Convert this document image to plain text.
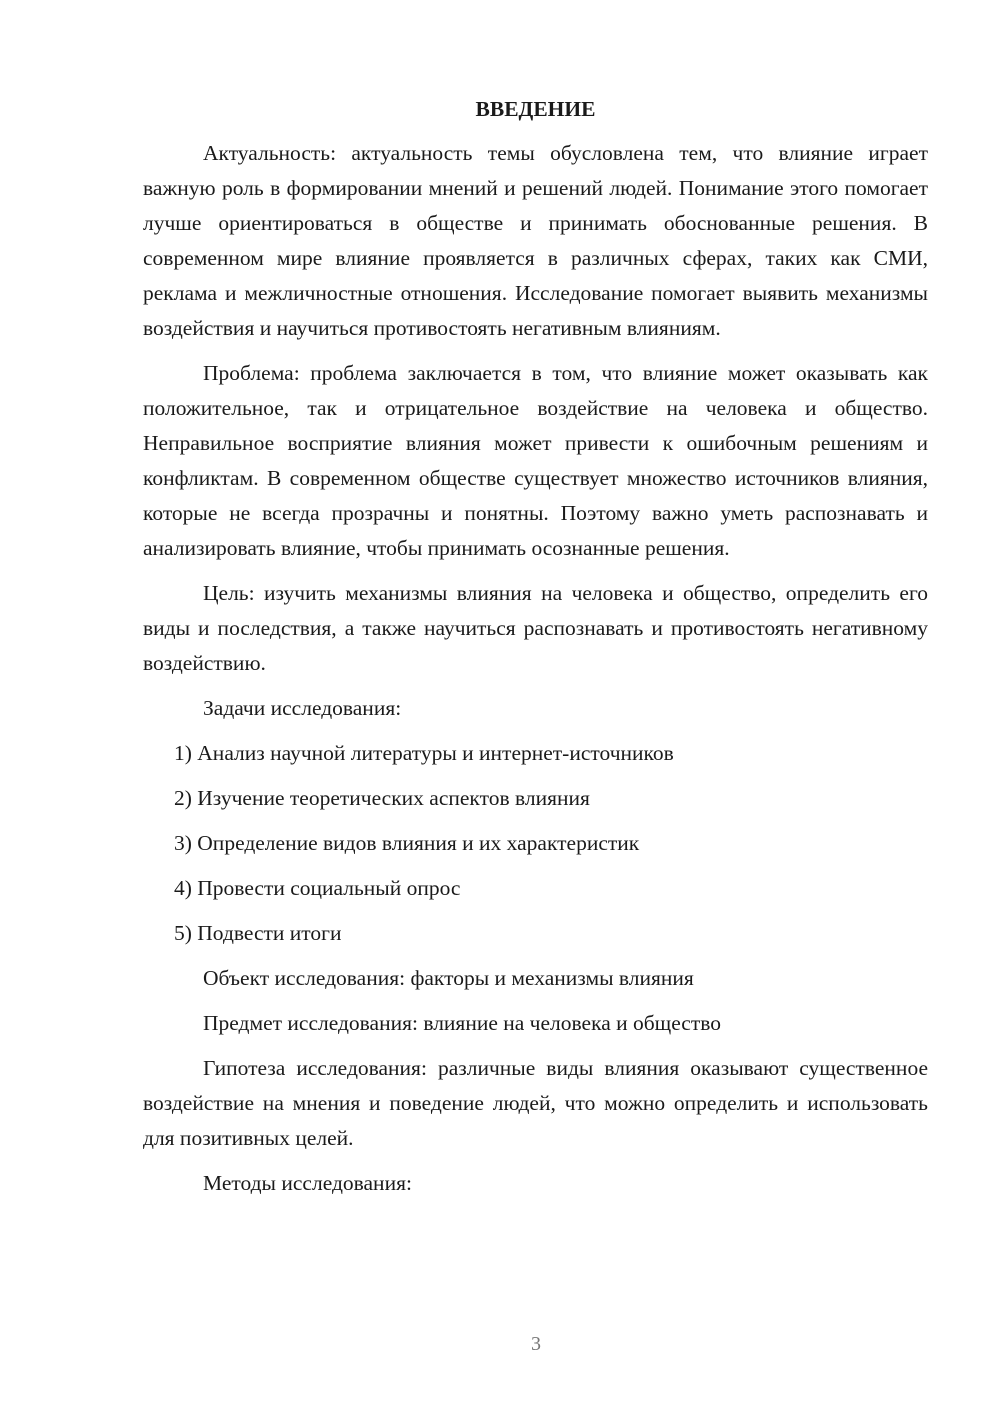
ВВЕДЕНИЕ

Актуальность: актуальность темы обусловлена тем, что влияние играет важную роль в формировании мнений и решений людей. Понимание этого помогает лучше ориентироваться в обществе и принимать обоснованные решения. В современном мире влияние проявляется в различных сферах, таких как СМИ, реклама и межличностные отношения. Исследование помогает выявить механизмы воздействия и научиться противостоять негативным влияниям.

Проблема: проблема заключается в том, что влияние может оказывать как положительное, так и отрицательное воздействие на человека и общество. Неправильное восприятие влияния может привести к ошибочным решениям и конфликтам. В современном обществе существует множество источников влияния, которые не всегда прозрачны и понятны. Поэтому важно уметь распознавать и анализировать влияние, чтобы принимать осознанные решения.

Цель: изучить механизмы влияния на человека и общество, определить его виды и последствия, а также научиться распознавать и противостоять негативному воздействию.

Задачи исследования:
1) Анализ научной литературы и интернет-источников
2) Изучение теоретических аспектов влияния
3) Определение видов влияния и их характеристик
4) Провести социальный опрос
5) Подвести итоги
Объект исследования: факторы и механизмы влияния
Предмет исследования: влияние на человека и общество

Гипотеза исследования: различные виды влияния оказывают существенное воздействие на мнения и поведение людей, что можно определить и использовать для позитивных целей.

Методы исследования:
3
